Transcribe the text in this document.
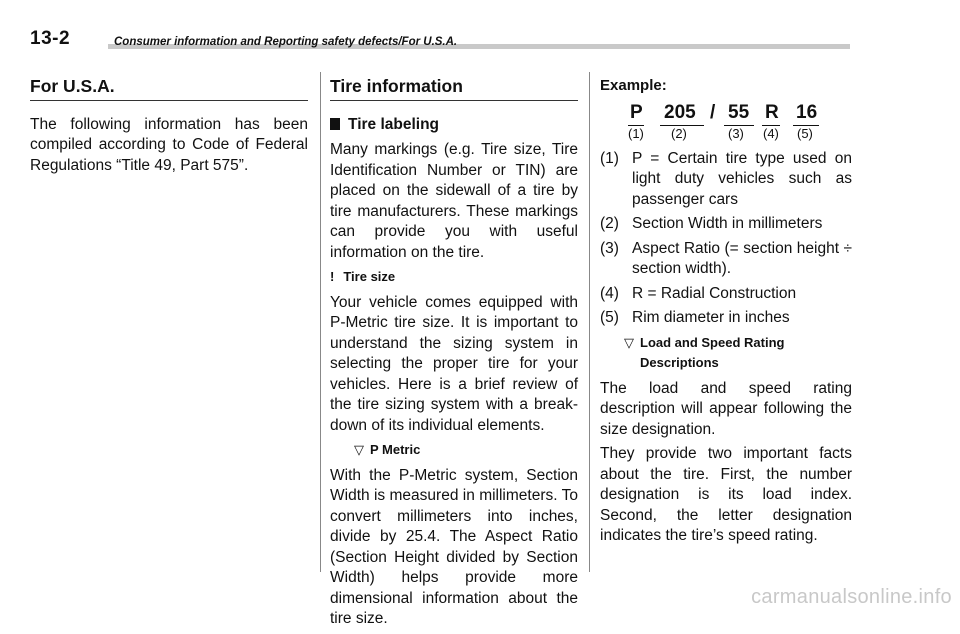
13-2	Consumer information and Reporting safety defects/For U.S.A.
For U.S.A.

The following information has been compiled according to Code of Federal Regulations “Title 49, Part 575”.

Tire information
Tire labeling

Many markings (e.g. Tire size, Tire Identification Number or TIN) are placed on the sidewall of a tire by tire manufacturers. These markings can provide you with useful information on the tire.

! Tire size

Your vehicle comes equipped with P-Metric tire size. It is important to understand the sizing system in selecting the proper tire for your vehicles. Here is a brief review of the tire sizing system with a break-down of its individual elements.

▽ P Metric

With the P-Metric system, Section Width is measured in millimeters. To convert millimeters into inches, divide by 25.4. The Aspect Ratio (Section Height divided by Section Width) helps provide more dimensional information about the tire size.

Example:
P 205 / 55 R 16
(1) (2)	(3) (4) (5)
(1) P = Certain tire type used on light duty vehicles such as passenger cars
(2) Section Width in millimeters
(3) Aspect Ratio (= section height ÷ section width).
(4) R = Radial Construction
(5) Rim diameter in inches
▽ Load and Speed Rating Descriptions

The load and speed rating description will appear following the size designation.

They provide two important facts about the tire. First, the number designation is its load index. Second, the letter designation indicates the tire’s speed rating.

carmanualsonline.info
